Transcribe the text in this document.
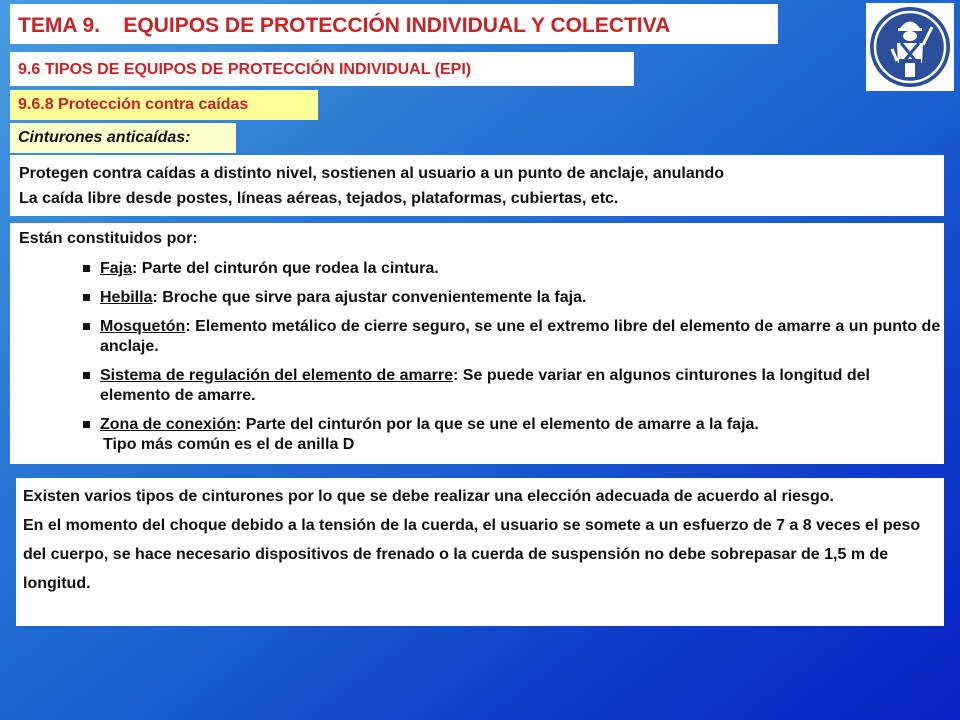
TEMA 9. EQUIPOS DE PROTECCIÓN INDIVIDUAL Y COLECTIVA
9.6 TIPOS DE EQUIPOS DE PROTECCIÓN INDIVIDUAL (EPI)
9.6.8 Protección contra caídas
Cinturones anticaídas:
Protegen contra caídas a distinto nivel, sostienen al usuario a un punto de anclaje, anulando
La caída libre desde postes, líneas aéreas, tejados, plataformas, cubiertas, etc.
Están constituidos por:
Faja: Parte del cinturón que rodea la cintura.
Hebilla: Broche que sirve para ajustar convenientemente la faja.
Mosquetón: Elemento metálico de cierre seguro, se une el extremo libre del elemento de amarre a un punto de anclaje.
Sistema de regulación del elemento de amarre: Se puede variar en algunos cinturones la longitud del elemento de amarre.
Zona de conexión: Parte del cinturón por la que se une el elemento de amarre a la faja.
Tipo más común es el de anilla D
Existen varios tipos de cinturones por lo que se debe realizar una elección adecuada de acuerdo al riesgo.
En el momento del choque debido a la tensión de la cuerda, el usuario se somete a un esfuerzo de 7 a 8 veces el peso del cuerpo, se hace necesario dispositivos de frenado o la cuerda de suspensión no debe sobrepasar de 1,5 m de longitud.
